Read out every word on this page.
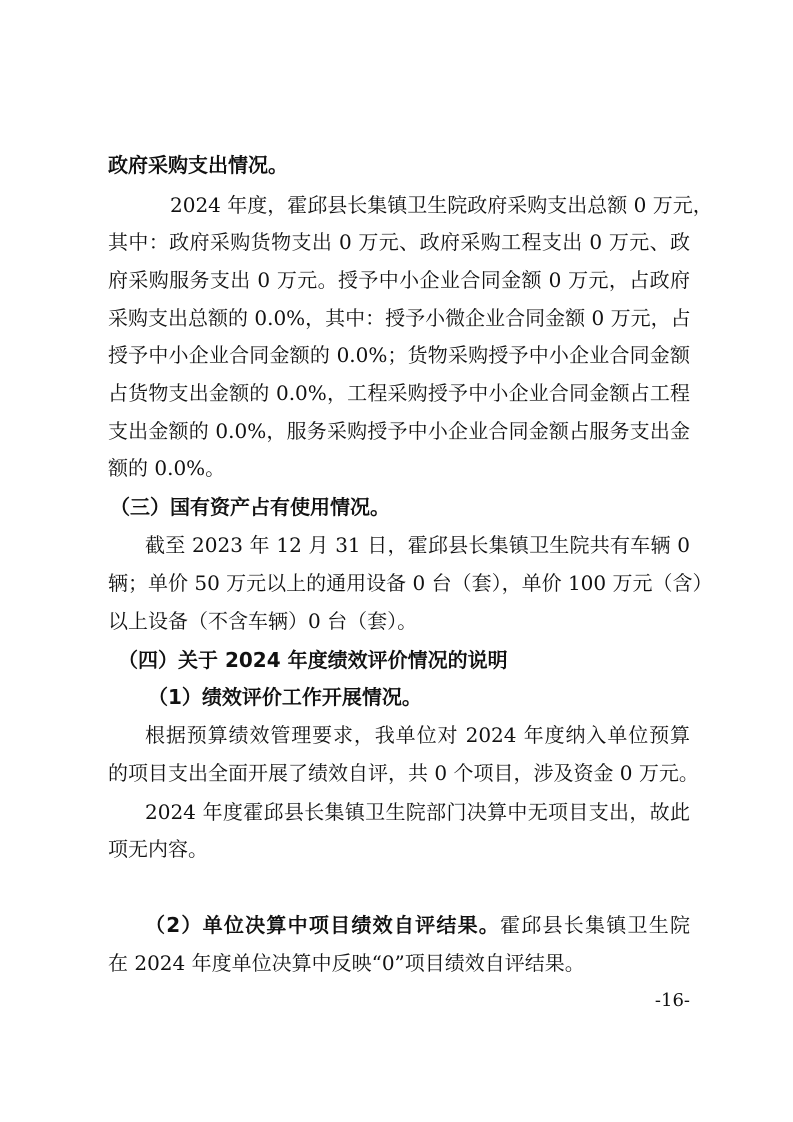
政府采购支出情况。
2024 年度，霍邱县长集镇卫生院政府采购支出总额 0 万元，
其中：政府采购货物支出 0 万元、政府采购工程支出 0 万元、政
府采购服务支出 0 万元。授予中小企业合同金额 0 万元，占政府
采购支出总额的 0.0%，其中：授予小微企业合同金额 0 万元，占
授予中小企业合同金额的 0.0%；货物采购授予中小企业合同金额
占货物支出金额的 0.0%，工程采购授予中小企业合同金额占工程
支出金额的 0.0%，服务采购授予中小企业合同金额占服务支出金
额的 0.0%。
（三）国有资产占有使用情况。
截至 2023 年 12 月 31 日，霍邱县长集镇卫生院共有车辆 0
辆；单价 50 万元以上的通用设备 0 台（套），单价 100 万元（含）
以上设备（不含车辆）0 台（套）。
（四）关于 2024 年度绩效评价情况的说明
（1）绩效评价工作开展情况。
根据预算绩效管理要求，我单位对 2024 年度纳入单位预算
的项目支出全面开展了绩效自评，共 0 个项目，涉及资金 0 万元。
2024 年度霍邱县长集镇卫生院部门决算中无项目支出，故此
项无内容。
（2）单位决算中项目绩效自评结果。霍邱县长集镇卫生院
在 2024 年度单位决算中反映“0”项目绩效自评结果。
-16-
